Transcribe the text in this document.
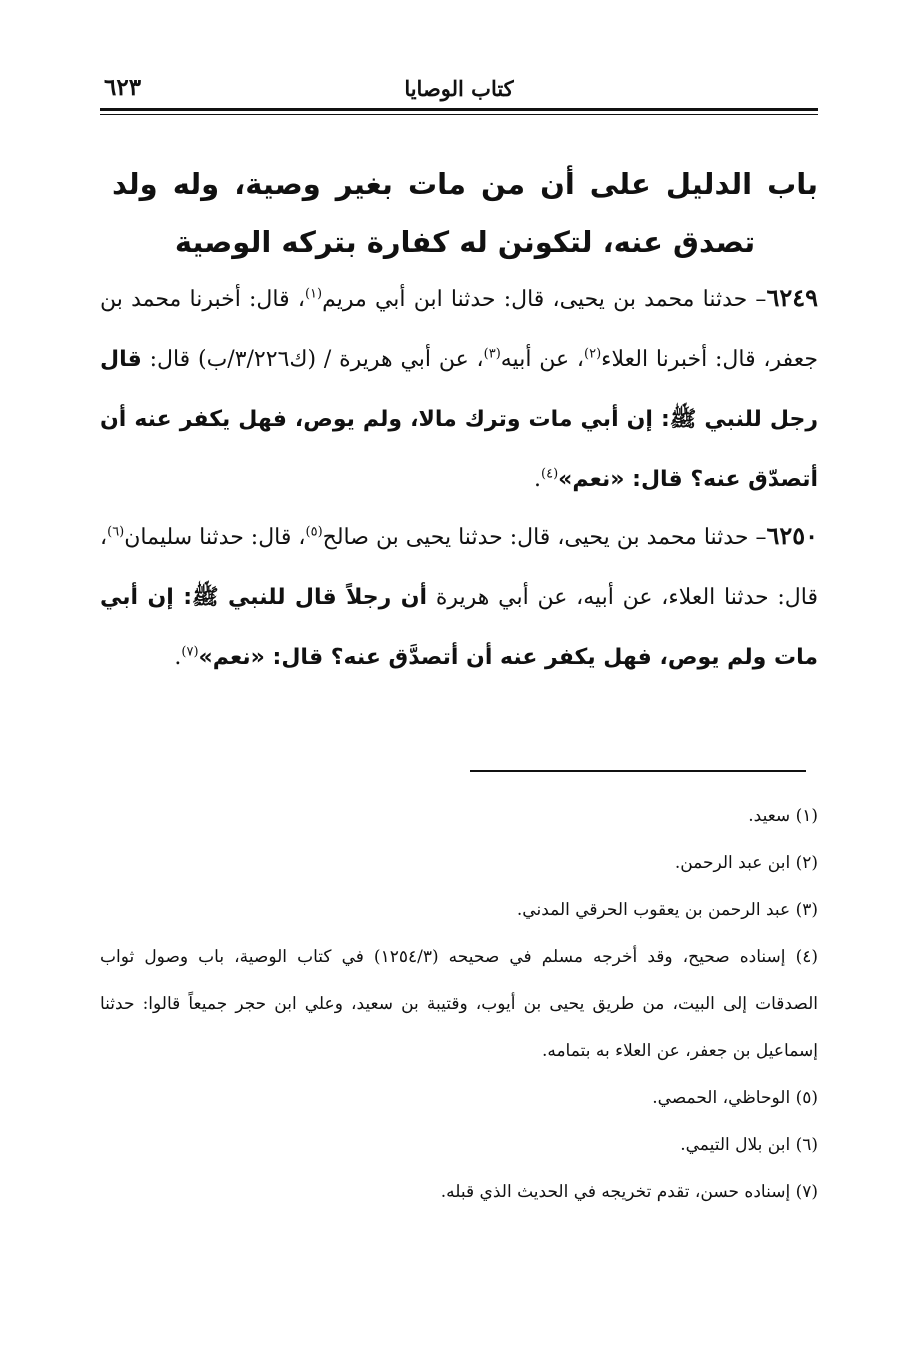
كتاب الوصايا
٦٢٣
باب الدليل على أن من مات بغير وصية، وله ولد تصدق عنه، لتكونن له كفارة بتركه الوصية
٦٢٤٩– حدثنا محمد بن يحيى، قال: حدثنا ابن أبي مريم$^{(١)}$، قال: أخبرنا محمد بن جعفر، قال: أخبرنا العلاء$^{(٢)}$، عن أبيه$^{(٣)}$، عن أبي هريرة / (ك٣/٢٢٦/ب) قال: قال رجل للنبي ﷺ: إن أبي مات وترك مالا، ولم يوص، فهل يكفر عنه أن أتصدّق عنه؟ قال: «نعم»$^{(٤)}$.
٦٢٥٠– حدثنا محمد بن يحيى، قال: حدثنا يحيى بن صالح$^{(٥)}$، قال: حدثنا سليمان$^{(٦)}$، قال: حدثنا العلاء، عن أبيه، عن أبي هريرة أن رجلاً قال للنبي ﷺ: إن أبي مات ولم يوص، فهل يكفر عنه أن أتصدَّق عنه؟ قال: «نعم»$^{(٧)}$.
(١) سعيد.
(٢) ابن عبد الرحمن.
(٣) عبد الرحمن بن يعقوب الحرقي المدني.
(٤) إسناده صحيح، وقد أخرجه مسلم في صحيحه (١٢٥٤/٣) في كتاب الوصية، باب وصول ثواب الصدقات إلى البيت، من طريق يحيى بن أيوب، وقتيبة بن سعيد، وعلي ابن حجر جميعاً قالوا: حدثنا إسماعيل بن جعفر، عن العلاء به بتمامه.
(٥) الوحاظي، الحمصي.
(٦) ابن بلال التيمي.
(٧) إسناده حسن، تقدم تخريجه في الحديث الذي قبله.
